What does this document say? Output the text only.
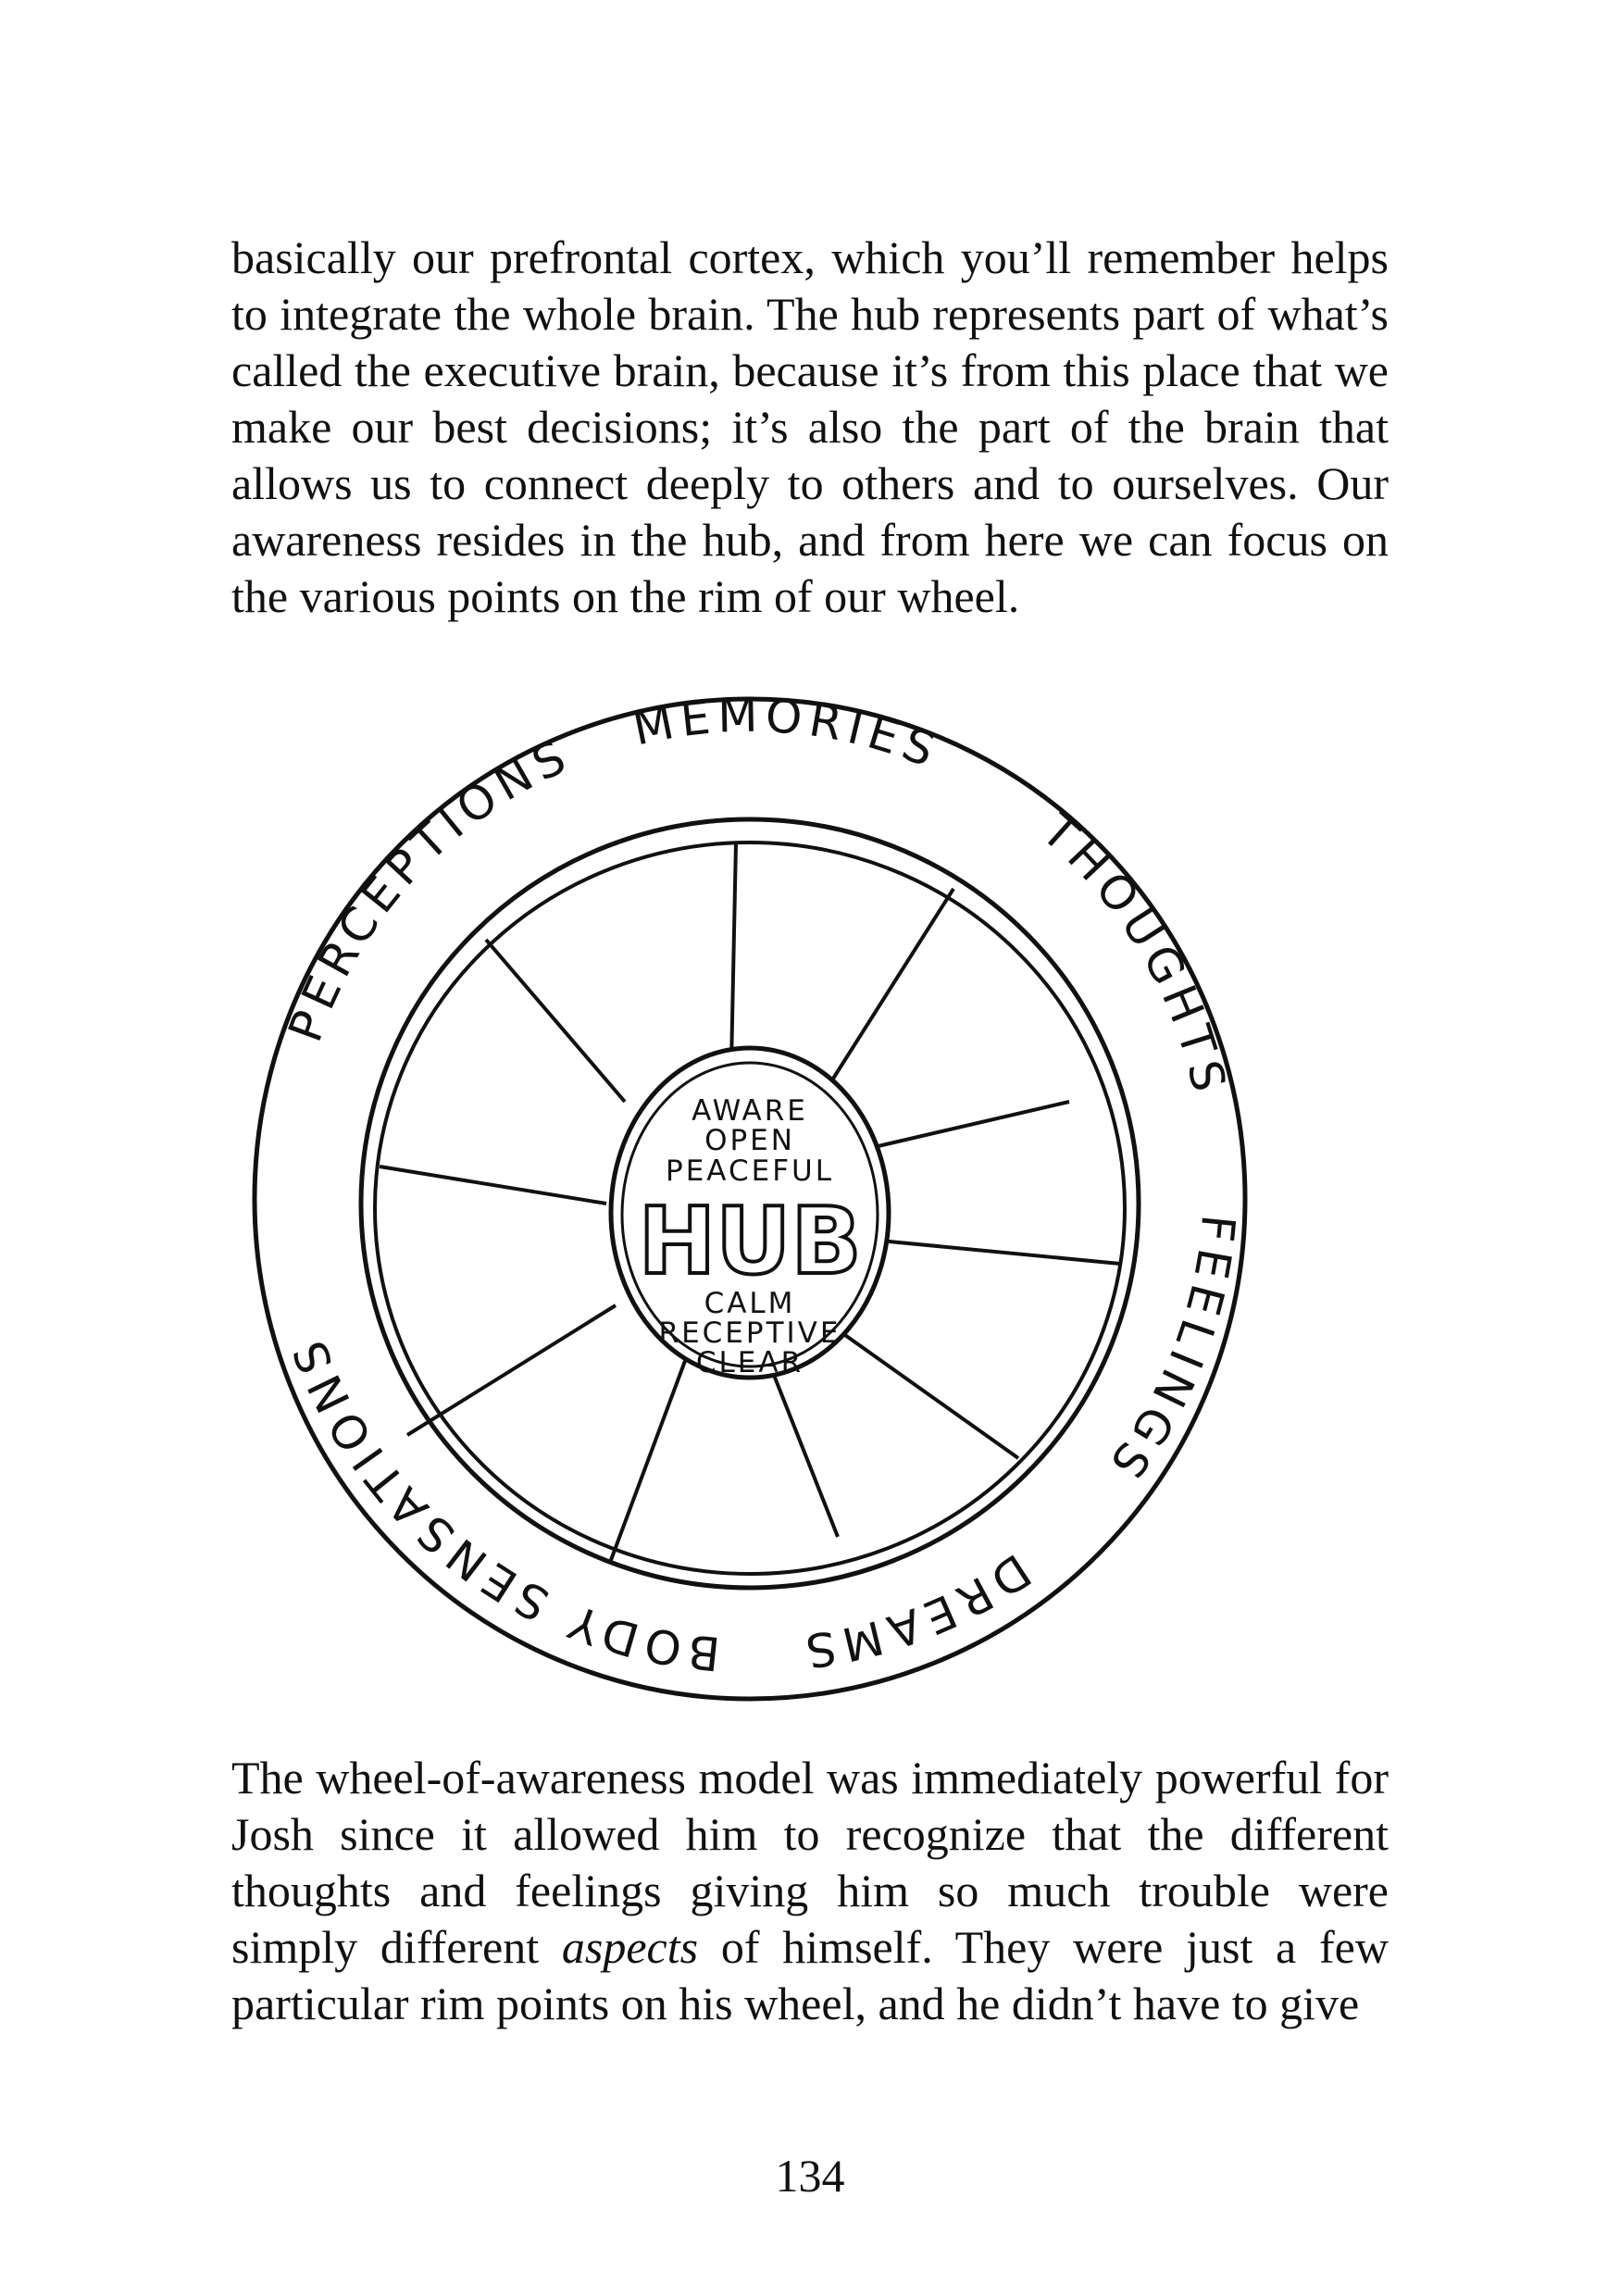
basically our prefrontal cortex, which you’ll remember helps to integrate the whole brain. The hub represents part of what’s called the executive brain, because it’s from this place that we make our best decisions; it’s also the part of the brain that allows us to connect deeply to others and to ourselves. Our awareness resides in the hub, and from here we can focus on the various points on the rim of our wheel.

AWARE
OPEN
PEACEFUL
HUB
CALM
RECEPTIVE
CLEAR
PERCEPTIONS
MEMORIES
THOUGHTS
FEELINGS
DREAMS
BODY SENSATIONS

The wheel-of-awareness model was immediately powerful for Josh since it allowed him to recognize that the different thoughts and feelings giving him so much trouble were simply different aspects of himself. They were just a few particular rim points on his wheel, and he didn’t have to give

134
